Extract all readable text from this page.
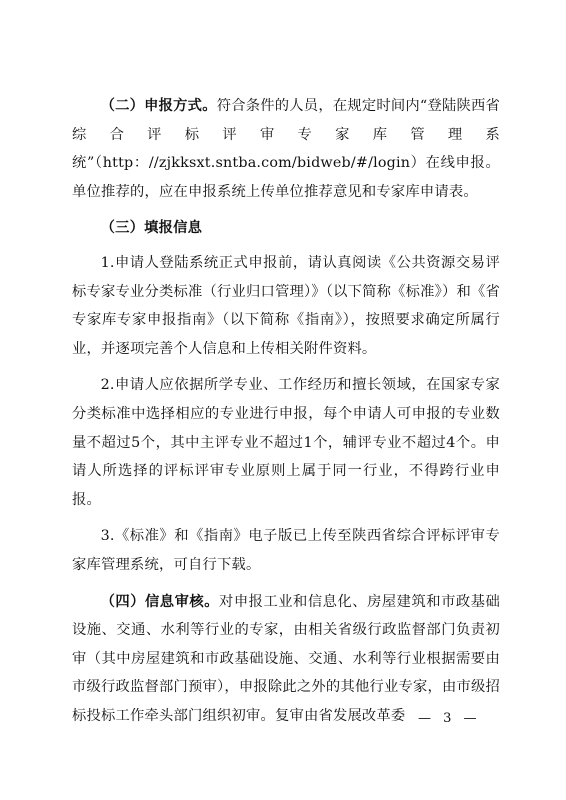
（二）申报方式。符合条件的人员，在规定时间内“登陆陕西省综合评标评审专家库管理系统”（http：//zjkksxt.sntba.com/bidweb/#/login）在线申报。单位推荐的，应在申报系统上传单位推荐意见和专家库申请表。

（三）填报信息

1.申请人登陆系统正式申报前，请认真阅读《公共资源交易评标专家专业分类标准（行业归口管理）》（以下简称《标准》）和《省专家库专家申报指南》（以下简称《指南》），按照要求确定所属行业，并逐项完善个人信息和上传相关附件资料。

2.申请人应依据所学专业、工作经历和擅长领域，在国家专家分类标准中选择相应的专业进行申报，每个申请人可申报的专业数量不超过5个，其中主评专业不超过1个，辅评专业不超过4个。申请人所选择的评标评审专业原则上属于同一行业，不得跨行业申报。

3.《标准》和《指南》电子版已上传至陕西省综合评标评审专家库管理系统，可自行下载。

（四）信息审核。对申报工业和信息化、房屋建筑和市政基础设施、交通、水利等行业的专家，由相关省级行政监督部门负责初审（其中房屋建筑和市政基础设施、交通、水利等行业根据需要由市级行政监督部门预审），申报除此之外的其他行业专家，由市级招标投标工作牵头部门组织初审。复审由省发展改革委 — 3 —
